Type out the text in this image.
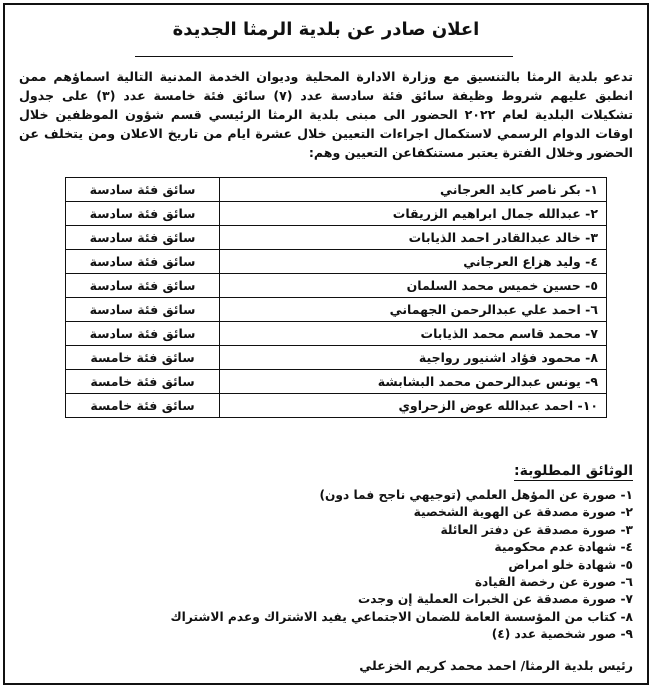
اعلان صادر عن بلدية الرمثا الجديدة
تدعو بلدية الرمثا بالتنسيق مع وزارة الادارة المحلية وديوان الخدمة المدنية التالية اسماؤهم ممن انطبق عليهم شروط وظيفة سائق فئة سادسة عدد (٧) سائق فئة خامسة عدد (٣) على جدول تشكيلات البلدية لعام ٢٠٢٢ الحضور الى مبنى بلدية الرمثا الرئيسي قسم شؤون الموظفين خلال اوقات الدوام الرسمي لاستكمال اجراءات التعيين خلال عشرة ايام من تاريخ الاعلان ومن يتخلف عن الحضور وخلال الفترة يعتبر مستنكفاعن التعيين وهم:
١- بكر ناصر كايد العرجاني	سائق فئة سادسة
٢- عبدالله جمال ابراهيم الزريقات	سائق فئة سادسة
٣- خالد عبدالقادر احمد الذيابات	سائق فئة سادسة
٤- وليد هزاع العرجاني	سائق فئة سادسة
٥- حسين خميس محمد السلمان	سائق فئة سادسة
٦- احمد علي عبدالرحمن الجهماني	سائق فئة سادسة
٧- محمد قاسم محمد الذيابات	سائق فئة سادسة
٨- محمود فؤاد اشنيور رواجية	سائق فئة خامسة
٩- يونس عبدالرحمن محمد البشابشة	سائق فئة خامسة
١٠- احمد عبدالله عوض الزحراوي	سائق فئة خامسة
الوثائق المطلوبة:
١- صورة عن المؤهل العلمي (توجيهي ناجح فما دون)
٢- صورة مصدقة عن الهوية الشخصية
٣- صورة مصدقة عن دفتر العائلة
٤- شهادة عدم محكومية
٥- شهادة خلو امراض
٦- صورة عن رخصة القيادة
٧- صورة مصدقة عن الخبرات العملية إن وجدت
٨- كتاب من المؤسسة العامة للضمان الاجتماعي يفيد الاشتراك وعدم الاشتراك
٩- صور شخصية عدد (٤)
رئيس بلدية الرمثا/ احمد محمد كريم الخزعلي
